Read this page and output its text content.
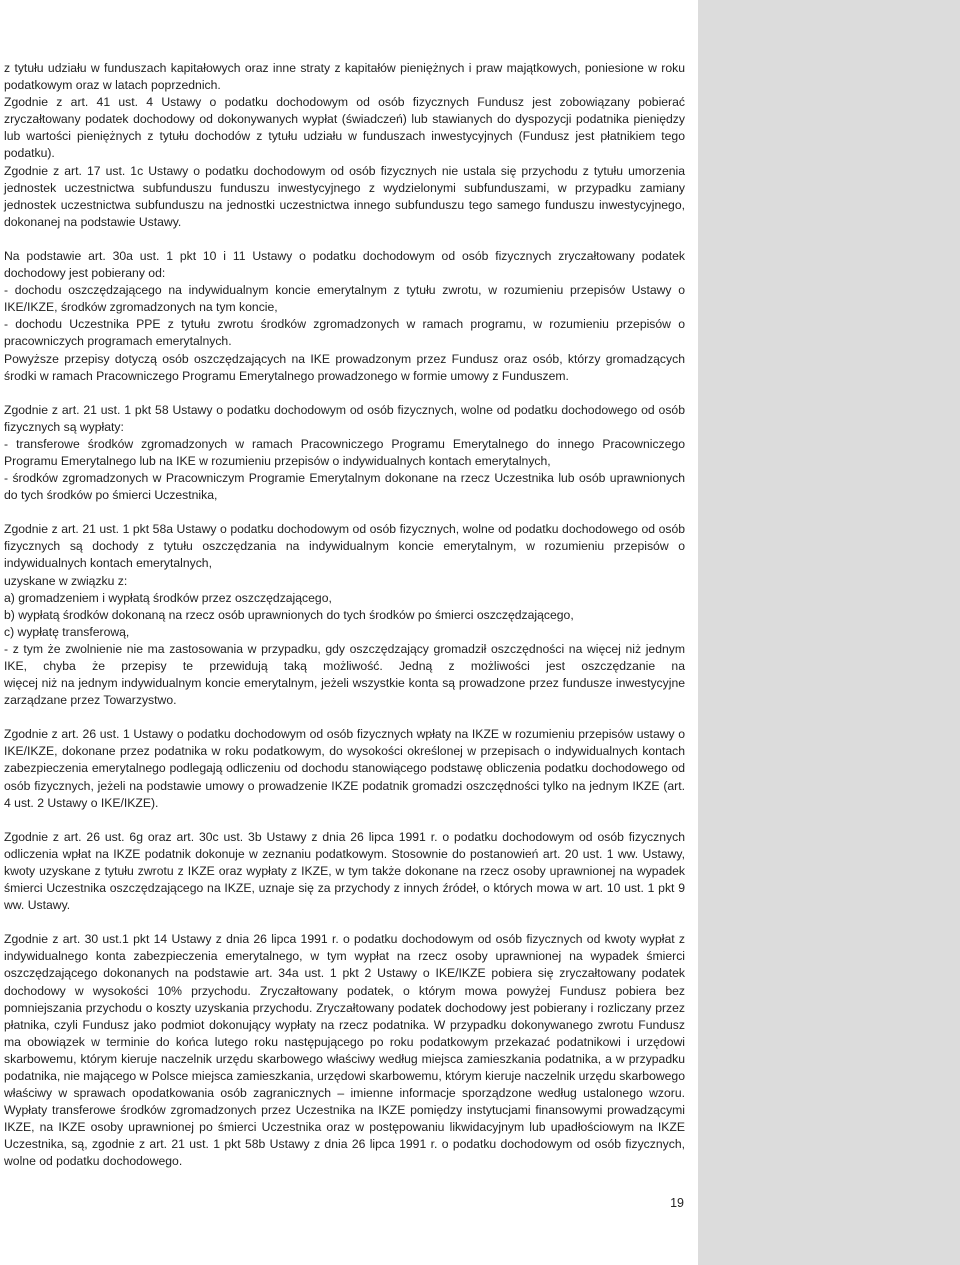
z tytułu udziału w funduszach kapitałowych oraz inne straty z kapitałów pieniężnych i praw majątkowych, poniesione w roku podatkowym oraz w latach poprzednich.

Zgodnie z art. 41 ust. 4 Ustawy o podatku dochodowym od osób fizycznych Fundusz jest zobowiązany pobierać zryczałtowany podatek dochodowy od dokonywanych wypłat (świadczeń) lub stawianych do dyspozycji podatnika pieniędzy lub wartości pieniężnych z tytułu dochodów z tytułu udziału w funduszach inwestycyjnych (Fundusz jest płatnikiem tego podatku).

Zgodnie z art. 17 ust. 1c Ustawy o podatku dochodowym od osób fizycznych nie ustala się przychodu z tytułu umorzenia jednostek uczestnictwa subfunduszu funduszu inwestycyjnego z wydzielonymi subfunduszami, w przypadku zamiany jednostek uczestnictwa subfunduszu na jednostki uczestnictwa innego subfunduszu tego samego funduszu inwestycyjnego, dokonanej na podstawie Ustawy.

Na podstawie art. 30a ust. 1 pkt 10 i 11 Ustawy o podatku dochodowym od osób fizycznych zryczałtowany podatek dochodowy jest pobierany od:

- dochodu oszczędzającego na indywidualnym koncie emerytalnym z tytułu zwrotu, w rozumieniu przepisów Ustawy o IKE/IKZE, środków zgromadzonych na tym koncie,

- dochodu Uczestnika PPE z tytułu zwrotu środków zgromadzonych w ramach programu, w rozumieniu przepisów o pracowniczych programach emerytalnych.

Powyższe przepisy dotyczą osób oszczędzających na IKE prowadzonym przez Fundusz oraz osób, którzy gromadzących środki w ramach Pracowniczego Programu Emerytalnego prowadzonego w formie umowy z Funduszem.

Zgodnie z art. 21 ust. 1 pkt 58 Ustawy o podatku dochodowym od osób fizycznych, wolne od podatku dochodowego od osób fizycznych są wypłaty:

- transferowe środków zgromadzonych w ramach Pracowniczego Programu Emerytalnego do innego Pracowniczego Programu Emerytalnego lub na IKE w rozumieniu przepisów o indywidualnych kontach emerytalnych,

- środków zgromadzonych w Pracowniczym Programie Emerytalnym dokonane na rzecz Uczestnika lub osób uprawnionych do tych środków po śmierci Uczestnika,

Zgodnie z art. 21 ust. 1 pkt 58a Ustawy o podatku dochodowym od osób fizycznych, wolne od podatku dochodowego od osób fizycznych są dochody z tytułu oszczędzania na indywidualnym koncie emerytalnym, w rozumieniu przepisów o indywidualnych kontach emerytalnych,

uzyskane w związku z:

a) gromadzeniem i wypłatą środków przez oszczędzającego,

b) wypłatą środków dokonaną na rzecz osób uprawnionych do tych środków po śmierci oszczędzającego,

c) wypłatę transferową,

- z tym że zwolnienie nie ma zastosowania w przypadku, gdy oszczędzający gromadził oszczędności na więcej niż jednym IKE, chyba że przepisy te przewidują taką możliwość. Jedną z możliwości jest oszczędzanie na

więcej niż na jednym indywidualnym koncie emerytalnym, jeżeli wszystkie konta są prowadzone przez fundusze inwestycyjne zarządzane przez Towarzystwo.

Zgodnie z art. 26 ust. 1 Ustawy o podatku dochodowym od osób fizycznych wpłaty na IKZE w rozumieniu przepisów ustawy o IKE/IKZE, dokonane przez podatnika w roku podatkowym, do wysokości określonej w przepisach o indywidualnych kontach zabezpieczenia emerytalnego podlegają odliczeniu od dochodu stanowiącego podstawę obliczenia podatku dochodowego od osób fizycznych, jeżeli na podstawie umowy o prowadzenie IKZE podatnik gromadzi oszczędności tylko na jednym IKZE (art. 4 ust. 2 Ustawy o IKE/IKZE).

Zgodnie z art. 26 ust. 6g oraz art. 30c ust. 3b Ustawy z dnia 26 lipca 1991 r. o podatku dochodowym od osób fizycznych odliczenia wpłat na IKZE podatnik dokonuje w zeznaniu podatkowym. Stosownie do postanowień art. 20 ust. 1 ww. Ustawy, kwoty uzyskane z tytułu zwrotu z IKZE oraz wypłaty z IKZE, w tym także dokonane na rzecz osoby uprawnionej na wypadek śmierci Uczestnika oszczędzającego na IKZE, uznaje się za przychody z innych źródeł, o których mowa w art. 10 ust. 1 pkt 9 ww. Ustawy.

Zgodnie z art. 30 ust.1 pkt 14 Ustawy z dnia 26 lipca 1991 r. o podatku dochodowym od osób fizycznych od kwoty wypłat z indywidualnego konta zabezpieczenia emerytalnego, w tym wypłat na rzecz osoby uprawnionej na wypadek śmierci oszczędzającego dokonanych na podstawie art. 34a ust. 1 pkt 2 Ustawy o IKE/IKZE pobiera się zryczałtowany podatek dochodowy w wysokości 10% przychodu. Zryczałtowany podatek, o którym mowa powyżej Fundusz pobiera bez pomniejszania przychodu o koszty uzyskania przychodu. Zryczałtowany podatek dochodowy jest pobierany i rozliczany przez płatnika, czyli Fundusz jako podmiot dokonujący wypłaty na rzecz podatnika. W przypadku dokonywanego zwrotu Fundusz ma obowiązek w terminie do końca lutego roku następującego po roku podatkowym przekazać podatnikowi i urzędowi skarbowemu, którym kieruje naczelnik urzędu skarbowego właściwy według miejsca zamieszkania podatnika, a w przypadku podatnika, nie mającego w Polsce miejsca zamieszkania, urzędowi skarbowemu, którym kieruje naczelnik urzędu skarbowego właściwy w sprawach opodatkowania osób zagranicznych – imienne informacje sporządzone według ustalonego wzoru. Wypłaty transferowe środków zgromadzonych przez Uczestnika na IKZE pomiędzy instytucjami finansowymi prowadzącymi IKZE, na IKZE osoby uprawnionej po śmierci Uczestnika oraz w postępowaniu likwidacyjnym lub upadłościowym na IKZE Uczestnika, są, zgodnie z art. 21 ust. 1 pkt 58b Ustawy z dnia 26 lipca 1991 r. o podatku dochodowym od osób fizycznych, wolne od podatku dochodowego.

19
